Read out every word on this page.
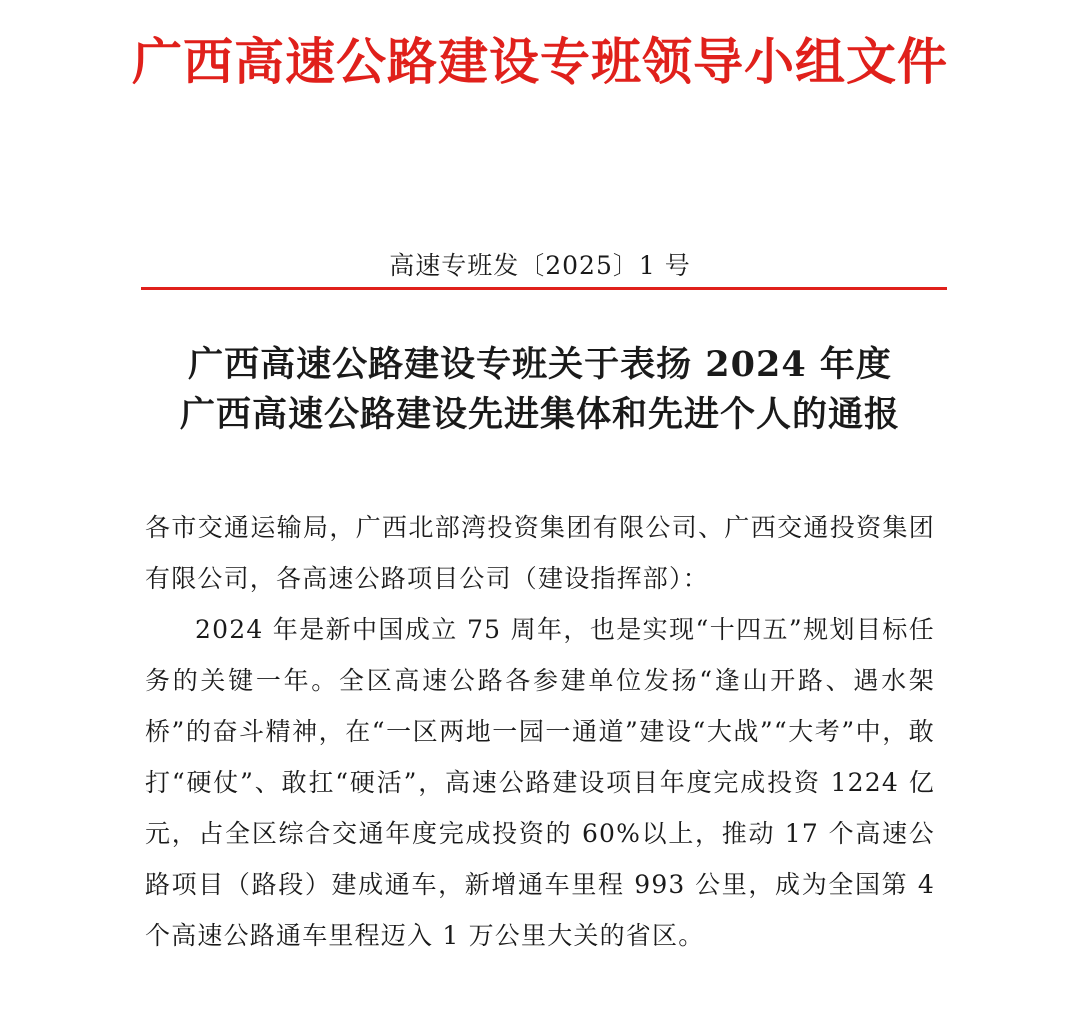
广西高速公路建设专班领导小组文件
高速专班发〔2025〕1 号
广西高速公路建设专班关于表扬 2024 年度
广西高速公路建设先进集体和先进个人的通报

各市交通运输局，广西北部湾投资集团有限公司、广西交通投资集团有限公司，各高速公路项目公司（建设指挥部）：

2024 年是新中国成立 75 周年，也是实现“十四五”规划目标任务的关键一年。全区高速公路各参建单位发扬“逢山开路、遇水架桥”的奋斗精神，在“一区两地一园一通道”建设“大战”“大考”中，敢打“硬仗”、敢扛“硬活”，高速公路建设项目年度完成投资 1224 亿元，占全区综合交通年度完成投资的 60%以上，推动 17 个高速公路项目（路段）建成通车，新增通车里程 993 公里，成为全国第 4 个高速公路通车里程迈入 1 万公里大关的省区。
